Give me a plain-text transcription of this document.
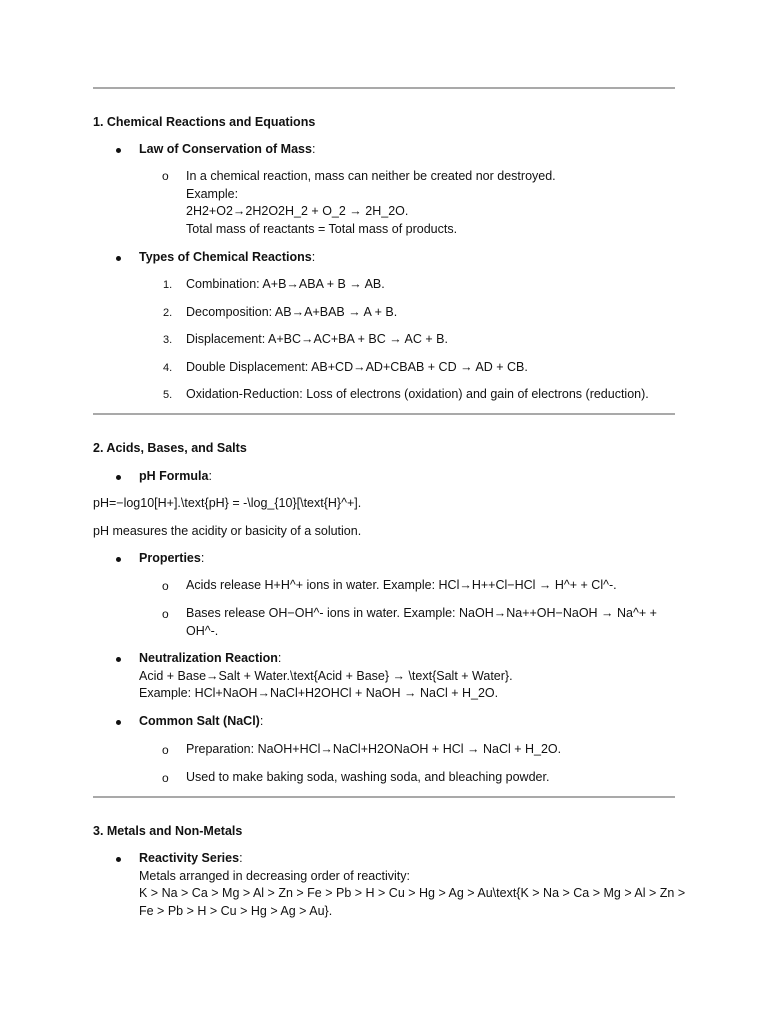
1. Chemical Reactions and Equations
Law of Conservation of Mass:
o In a chemical reaction, mass can neither be created nor destroyed.
Example:
2H2+O2→2H2O2H_2 + O_2 → 2H_2O.
Total mass of reactants = Total mass of products.
Types of Chemical Reactions:
1. Combination: A+B→ABA + B → AB.
2. Decomposition: AB→A+BAB → A + B.
3. Displacement: A+BC→AC+BA + BC → AC + B.
4. Double Displacement: AB+CD→AD+CBAB + CD → AD + CB.
5. Oxidation-Reduction: Loss of electrons (oxidation) and gain of electrons (reduction).
2. Acids, Bases, and Salts
pH Formula:
pH=−log10[H+].\text{pH} = -\log_{10}[\text{H}^+].
pH measures the acidity or basicity of a solution.
Properties:
o Acids release H+H^+ ions in water. Example: HCl→H++Cl−HCl → H^+ + Cl^-.
o Bases release OH−OH^- ions in water. Example: NaOH→Na++OH−NaOH → Na^+ +
OH^-.
Neutralization Reaction:
Acid + Base→Salt + Water.\text{Acid + Base} → \text{Salt + Water}.
Example: HCl+NaOH→NaCl+H2OHCl + NaOH → NaCl + H_2O.
Common Salt (NaCl):
o Preparation: NaOH+HCl→NaCl+H2ONaOH + HCl → NaCl + H_2O.
o Used to make baking soda, washing soda, and bleaching powder.
3. Metals and Non-Metals
Reactivity Series:
Metals arranged in decreasing order of reactivity:
K > Na > Ca > Mg > Al > Zn > Fe > Pb > H > Cu > Hg > Ag > Au\text{K > Na > Ca > Mg > Al > Zn >
Fe > Pb > H > Cu > Hg > Ag > Au}.
